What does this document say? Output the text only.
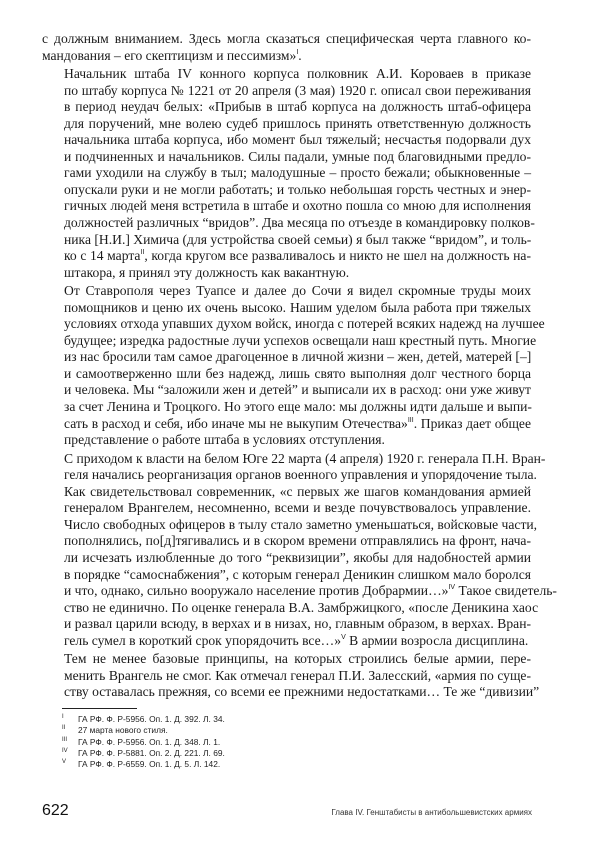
с должным вниманием. Здесь могла сказаться специфическая черта главного ко-
мандования – его скептицизм и пессимизм»$^I$.

Начальник штаба IV конного корпуса полковник А.И. Короваев в приказе
по штабу корпуса № 1221 от 20 апреля (3 мая) 1920 г. описал свои переживания
в период неудач белых: «Прибыв в штаб корпуса на должность штаб-офицера
для поручений, мне волею судеб пришлось принять ответственную должность
начальника штаба корпуса, ибо момент был тяжелый; несчастья подорвали дух
и подчиненных и начальников. Силы падали, умные под благовидными предло-
гами уходили на службу в тыл; малодушные – просто бежали; обыкновенные –
опускали руки и не могли работать; и только небольшая горсть честных и энер-
гичных людей меня встретила в штабе и охотно пошла со мною для исполнения
должностей различных “вридов”. Два месяца по отъезде в командировку полков-
ника [Н.И.] Химича (для устройства своей семьи) я был также “вридом”, и толь-
ко с 14 марта$^{II}$, когда кругом все разваливалось и никто не шел на должность на-
штакора, я принял эту должность как вакантную.

От Ставрополя через Туапсе и далее до Сочи я видел скромные труды моих
помощников и ценю их очень высоко. Нашим уделом была работа при тяжелых
условиях отхода упавших духом войск, иногда с потерей всяких надежд на лучшее
будущее; изредка радостные лучи успехов освещали наш крестный путь. Многие
из нас бросили там самое драгоценное в личной жизни – жен, детей, матерей [–]
и самоотверженно шли без надежд, лишь свято выполняя долг честного борца
и человека. Мы “заложили жен и детей” и выписали их в расход: они уже живут
за счет Ленина и Троцкого. Но этого еще мало: мы должны идти дальше и выпи-
сать в расход и себя, ибо иначе мы не выкупим Отечества»$^{III}$. Приказ дает общее
представление о работе штаба в условиях отступления.

С приходом к власти на белом Юге 22 марта (4 апреля) 1920 г. генерала П.Н. Вран-
геля начались реорганизация органов военного управления и упорядочение тыла.
Как свидетельствовал современник, «с первых же шагов командования армией
генералом Врангелем, несомненно, всеми и везде почувствовалось управление.
Число свободных офицеров в тылу стало заметно уменьшаться, войсковые части,
пополнялись, по[д]тягивались и в скором времени отправлялись на фронт, нача-
ли исчезать излюбленные до того “реквизиции”, якобы для надобностей армии
в порядке “самоснабжения”, с которым генерал Деникин слишком мало боролся
и что, однако, сильно вооружало население против Добрармии…»$^{IV}$ Такое свидетель-
ство не единично. По оценке генерала В.А. Замбржицкого, «после Деникина хаос
и развал царили всюду, в верхах и в низах, но, главным образом, в верхах. Вран-
гель сумел в короткий срок упорядочить все…»$^V$ В армии возросла дисциплина.

Тем не менее базовые принципы, на которых строились белые армии, пере-
менить Врангель не смог. Как отмечал генерал П.И. Залесский, «армия по суще-
ству оставалась прежняя, со всеми ее прежними недостатками… Те же “дивизии”

I ГА РФ. Ф. Р-5956. Оп. 1. Д. 392. Л. 34.
II 27 марта нового стиля.
III ГА РФ. Ф. Р-5956. Оп. 1. Д. 348. Л. 1.
IV ГА РФ. Ф. Р-5881. Оп. 2. Д. 221. Л. 69.
V ГА РФ. Ф. Р-6559. Оп. 1. Д. 5. Л. 142.
622	Глава IV. Генштабисты в антибольшевистских армиях
